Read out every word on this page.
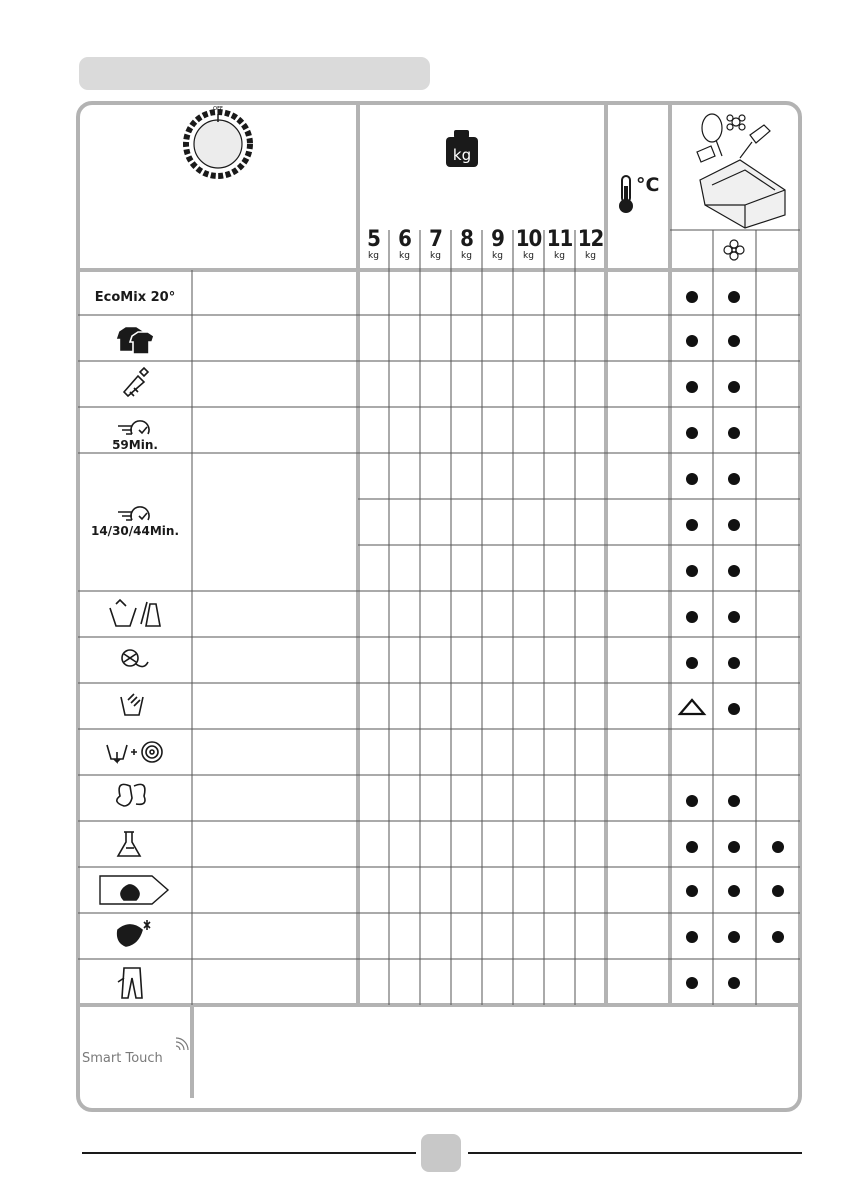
OFF
kg
EcoMix 20°
59Min.
14/30/44Min.
5
kg
6
kg
7
kg
8
kg
9
kg
10
kg
11
kg
12
kg
°C
Smart Touch
